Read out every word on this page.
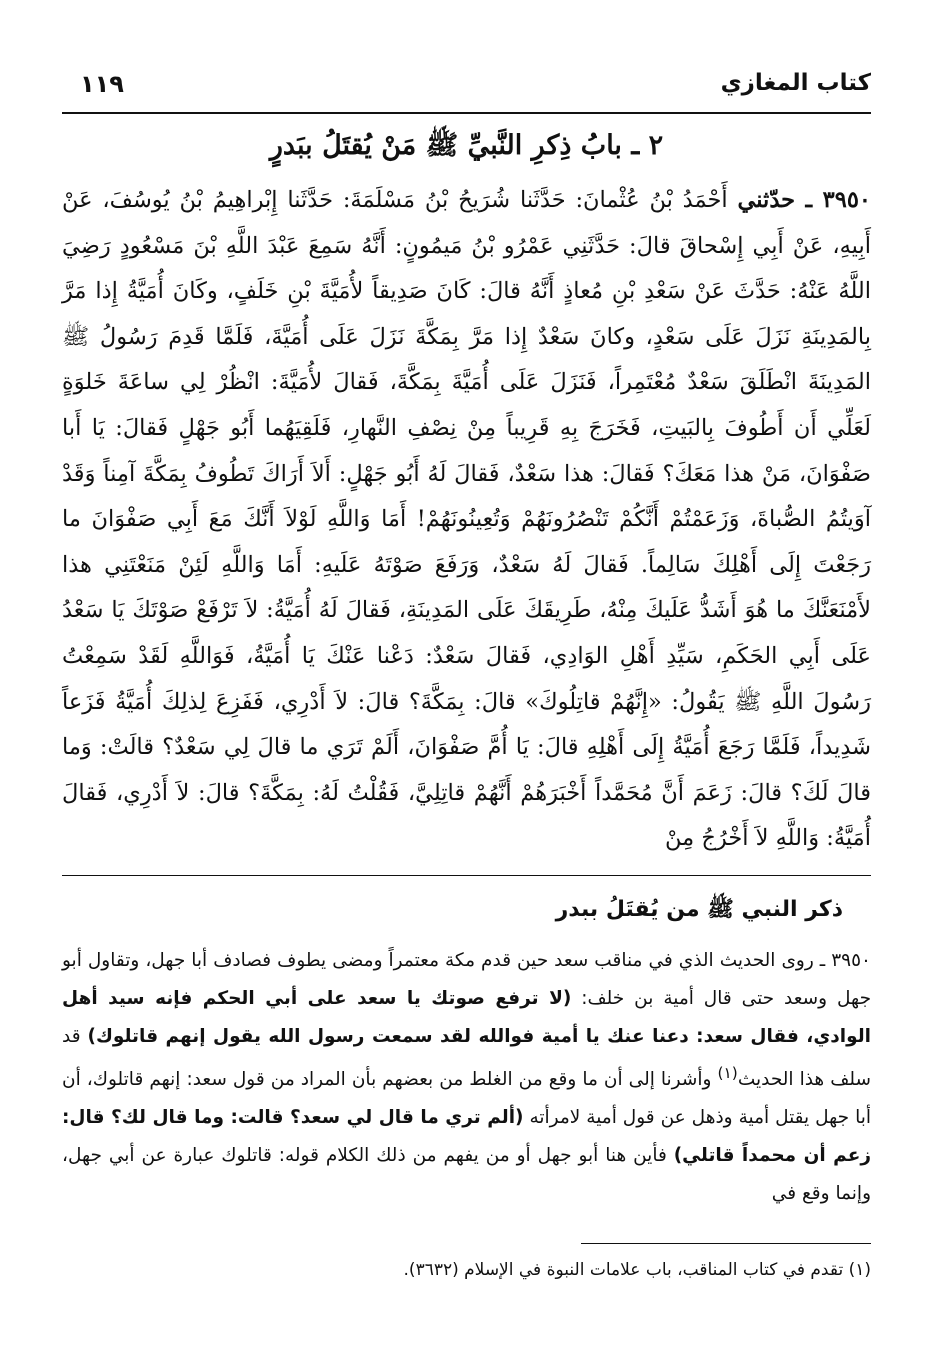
كتاب المغازي
١١٩
٢ ـ بابُ ذِكرِ النَّبيِّ ﷺ مَنْ يُقتَلُ ببَدرٍ

٣٩٥٠ ـ حدّثني أَحْمَدُ بْنُ عُثْمانَ: حَدَّثَنا شُرَيحُ بْنُ مَسْلَمَةَ: حَدَّثَنا إِبْراهِيمُ بْنُ يُوسُفَ، عَنْ أَبِيهِ، عَنْ أَبِي إِسْحاقَ قالَ: حَدَّثَنِي عَمْرُو بْنُ مَيمُونٍ: أَنَّهُ سَمِعَ عَبْدَ اللَّهِ بْنَ مَسْعُودٍ رَضِيَ اللَّهُ عَنْهُ: حَدَّثَ عَنْ سَعْدِ بْنِ مُعاذٍ أَنَّهُ قالَ: كَانَ صَدِيقاً لأُمَيَّةَ بْنِ خَلَفٍ، وكَانَ أُمَيَّةُ إِذا مَرَّ بِالمَدِينَةِ نَزَلَ عَلَى سَعْدٍ، وكانَ سَعْدٌ إِذا مَرَّ بِمَكَّةَ نَزَلَ عَلَى أُمَيَّةَ، فَلَمَّا قَدِمَ رَسُولُ ﷺ المَدِينَةَ انْطَلَقَ سَعْدٌ مُعْتَمِراً، فَنَزَلَ عَلَى أُمَيَّةَ بِمَكَّةَ، فَقالَ لأُمَيَّةَ: انْظُرْ لِي ساعَةَ خَلوَةٍ لَعَلِّي أَن أَطُوفَ بِالبَيتِ، فَخَرَجَ بِهِ قَرِيباً مِنْ نِصْفِ النَّهارِ، فَلَقِيَهُما أَبُو جَهْلٍ فَقالَ: يَا أَبا صَفْوَانَ، مَنْ هذا مَعَكَ؟ فَقالَ: هذا سَعْدٌ، فَقالَ لَهُ أَبُو جَهْلٍ: أَلاَ أَرَاكَ تَطُوفُ بِمَكَّةَ آمِناً وَقَدْ آوَيتُمُ الصُّباةَ، وَزَعَمْتُمْ أَنَّكُمْ تَنْصُرُونَهُمْ وَتُعِينُونَهُمْ! أَمَا وَاللَّهِ لَوْلاَ أَنَّكَ مَعَ أَبِي صَفْوَانَ ما رَجَعْتَ إِلَى أَهْلِكَ سَالِماً. فَقالَ لَهُ سَعْدٌ، وَرَفَعَ صَوْتَهُ عَلَيهِ: أَمَا وَاللَّهِ لَئِنْ مَنَعْتَنِي هذا لأَمْنَعَنَّكَ ما هُوَ أَشَدُّ عَلَيكَ مِنْهُ، طَرِيقَكَ عَلَى المَدِينَةِ، فَقالَ لَهُ أُمَيَّةُ: لاَ تَرْفَعْ صَوْتَكَ يَا سَعْدُ عَلَى أَبِي الحَكَمِ، سَيِّدِ أَهْلِ الوَادِي، فَقالَ سَعْدٌ: دَعْنا عَنْكَ يَا أُمَيَّةُ، فَوَاللَّهِ لَقَدْ سَمِعْتُ رَسُولَ اللَّهِ ﷺ يَقُولُ: «إِنَّهُمْ قاتِلُوكَ» قالَ: بِمَكَّةَ؟ قالَ: لاَ أَدْرِي، فَفَزِعَ لِذلِكَ أُمَيَّةُ فَزَعاً شَدِيداً، فَلَمَّا رَجَعَ أُمَيَّةُ إِلَى أَهْلِهِ قالَ: يَا أُمَّ صَفْوَانَ، أَلَمْ تَرَي ما قالَ لِي سَعْدٌ؟ قالَتْ: وَما قالَ لَكَ؟ قالَ: زَعَمَ أَنَّ مُحَمَّداً أَخْبَرَهُمْ أَنَّهُمْ قاتِلِيَّ، فَقُلْتُ لَهُ: بِمَكَّةَ؟ قالَ: لاَ أَدْرِي، فَقالَ أُمَيَّةُ: وَاللَّهِ لاَ أَخْرُجُ مِنْ

ذكر النبي ﷺ من يُقتَلُ ببدر

٣٩٥٠ ـ روى الحديث الذي في مناقب سعد حين قدم مكة معتمراً ومضى يطوف فصادف أبا جهل، وتقاول أبو جهل وسعد حتى قال أمية بن خلف: (لا ترفع صوتك يا سعد على أبي الحكم فإنه سيد أهل الوادي، فقال سعد: دعنا عنك يا أمية فوالله لقد سمعت رسول الله يقول إنهم قاتلوك) قد سلف هذا الحديث$^{(١)}$ وأشرنا إلى أن ما وقع من الغلط من بعضهم بأن المراد من قول سعد: إنهم قاتلوك، أن أبا جهل يقتل أمية وذهل عن قول أمية لامرأته (ألم تري ما قال لي سعد؟ قالت: وما قال لك؟ قال: زعم أن محمداً قاتلي) فأين هنا أبو جهل أو من يفهم من ذلك الكلام قوله: قاتلوك عبارة عن أبي جهل، وإنما وقع في

(١) تقدم في كتاب المناقب، باب علامات النبوة في الإسلام (٣٦٣٢).
